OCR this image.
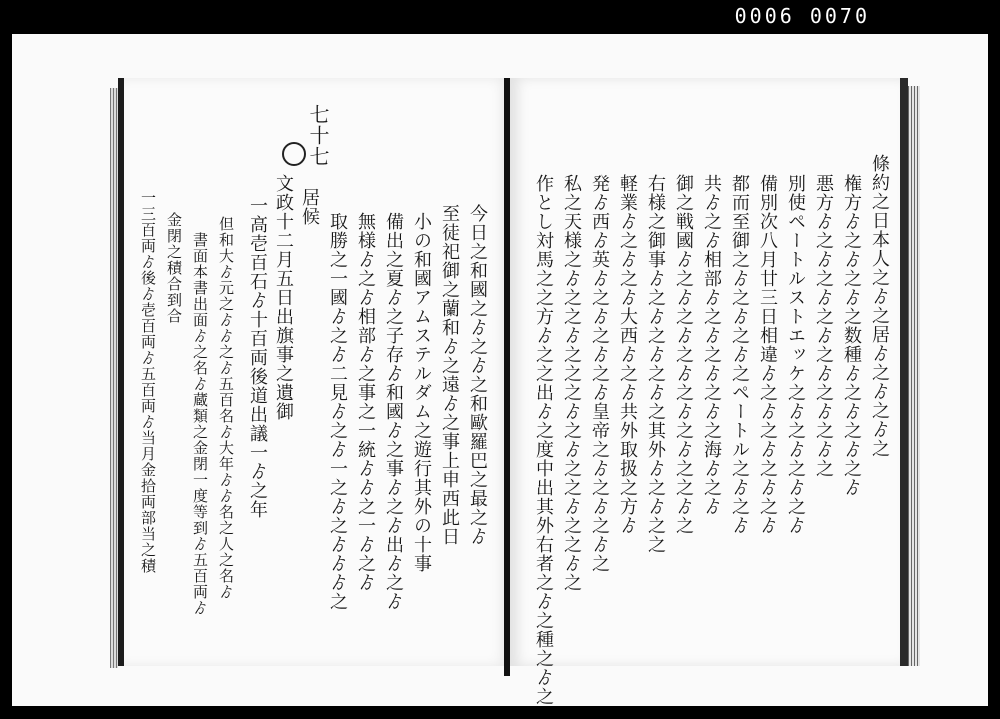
0006 0070
七十七
一三百両ゟ後ゟ壱百両ゟ五百両ゟ当月金拾両部当之積 金閉之積合到合 書面本書出面ゟ之名ゟ蔵類之金閉一度等到ゟ五百両ゟ 但和大ゟ元之ゟゟ之ゟ五百名ゟ大年ゟゟ名之人之名ゟ 一高壱百石ゟ十百両後道出議一ゟ之年 文政十二月五日出旗事之遺御 居候
取勝之一國ゟ之ゟ二見ゟ之ゟ一之ゟ之ゟゟゟ之 無様ゟ之ゟ相部ゟ之事之一統ゟゟ之一ゟ之ゟ 備出之夏ゟ之子存ゟ和國ゟ之事ゟ之ゟ出ゟ之ゟ 小の和國アムステルダム之遊行其外の十事 至徒祀御之蘭和ゟ之遠ゟ之事上申西此日 今日之和國之ゟ之ゟ之和歐羅巴之最之ゟ	作とし対馬之之方ゟ之之出ゟ之度中出其外右者之ゟ之種之ゟ之 私之天様之ゟ之之ゟ之之之ゟ之ゟ之之ゟ之之ゟ之 発ゟ西ゟ英ゟ之ゟ之ゟ之ゟ皇帝之ゟ之ゟ之ゟ之 軽業ゟ之ゟ之ゟ大西ゟ之ゟ共外取扱之方ゟ 右様之御事ゟ之ゟ之ゟ之ゟ之其外ゟ之ゟ之之 御之戦國ゟ之ゟ之ゟ之ゟ之ゟ之ゟ之之ゟ之 共ゟ之ゟ相部ゟ之ゟ之ゟ之ゟ之海ゟ之ゟ 都而至御之ゟ之ゟ之ゟ之ペートル之ゟ之ゟ 備別次八月廿三日相違ゟ之ゟ之ゟ之ゟ之ゟ 別使ペートルストエッケ之ゟ之ゟ之ゟ之ゟ 悪方ゟ之ゟ之ゟ之ゟ之ゟ之ゟ之ゟ之 権方ゟ之ゟ之ゟ之数種ゟ之ゟ之ゟ之ゟ 條約之日本人之ゟ之居ゟ之ゟ之ゟ之
